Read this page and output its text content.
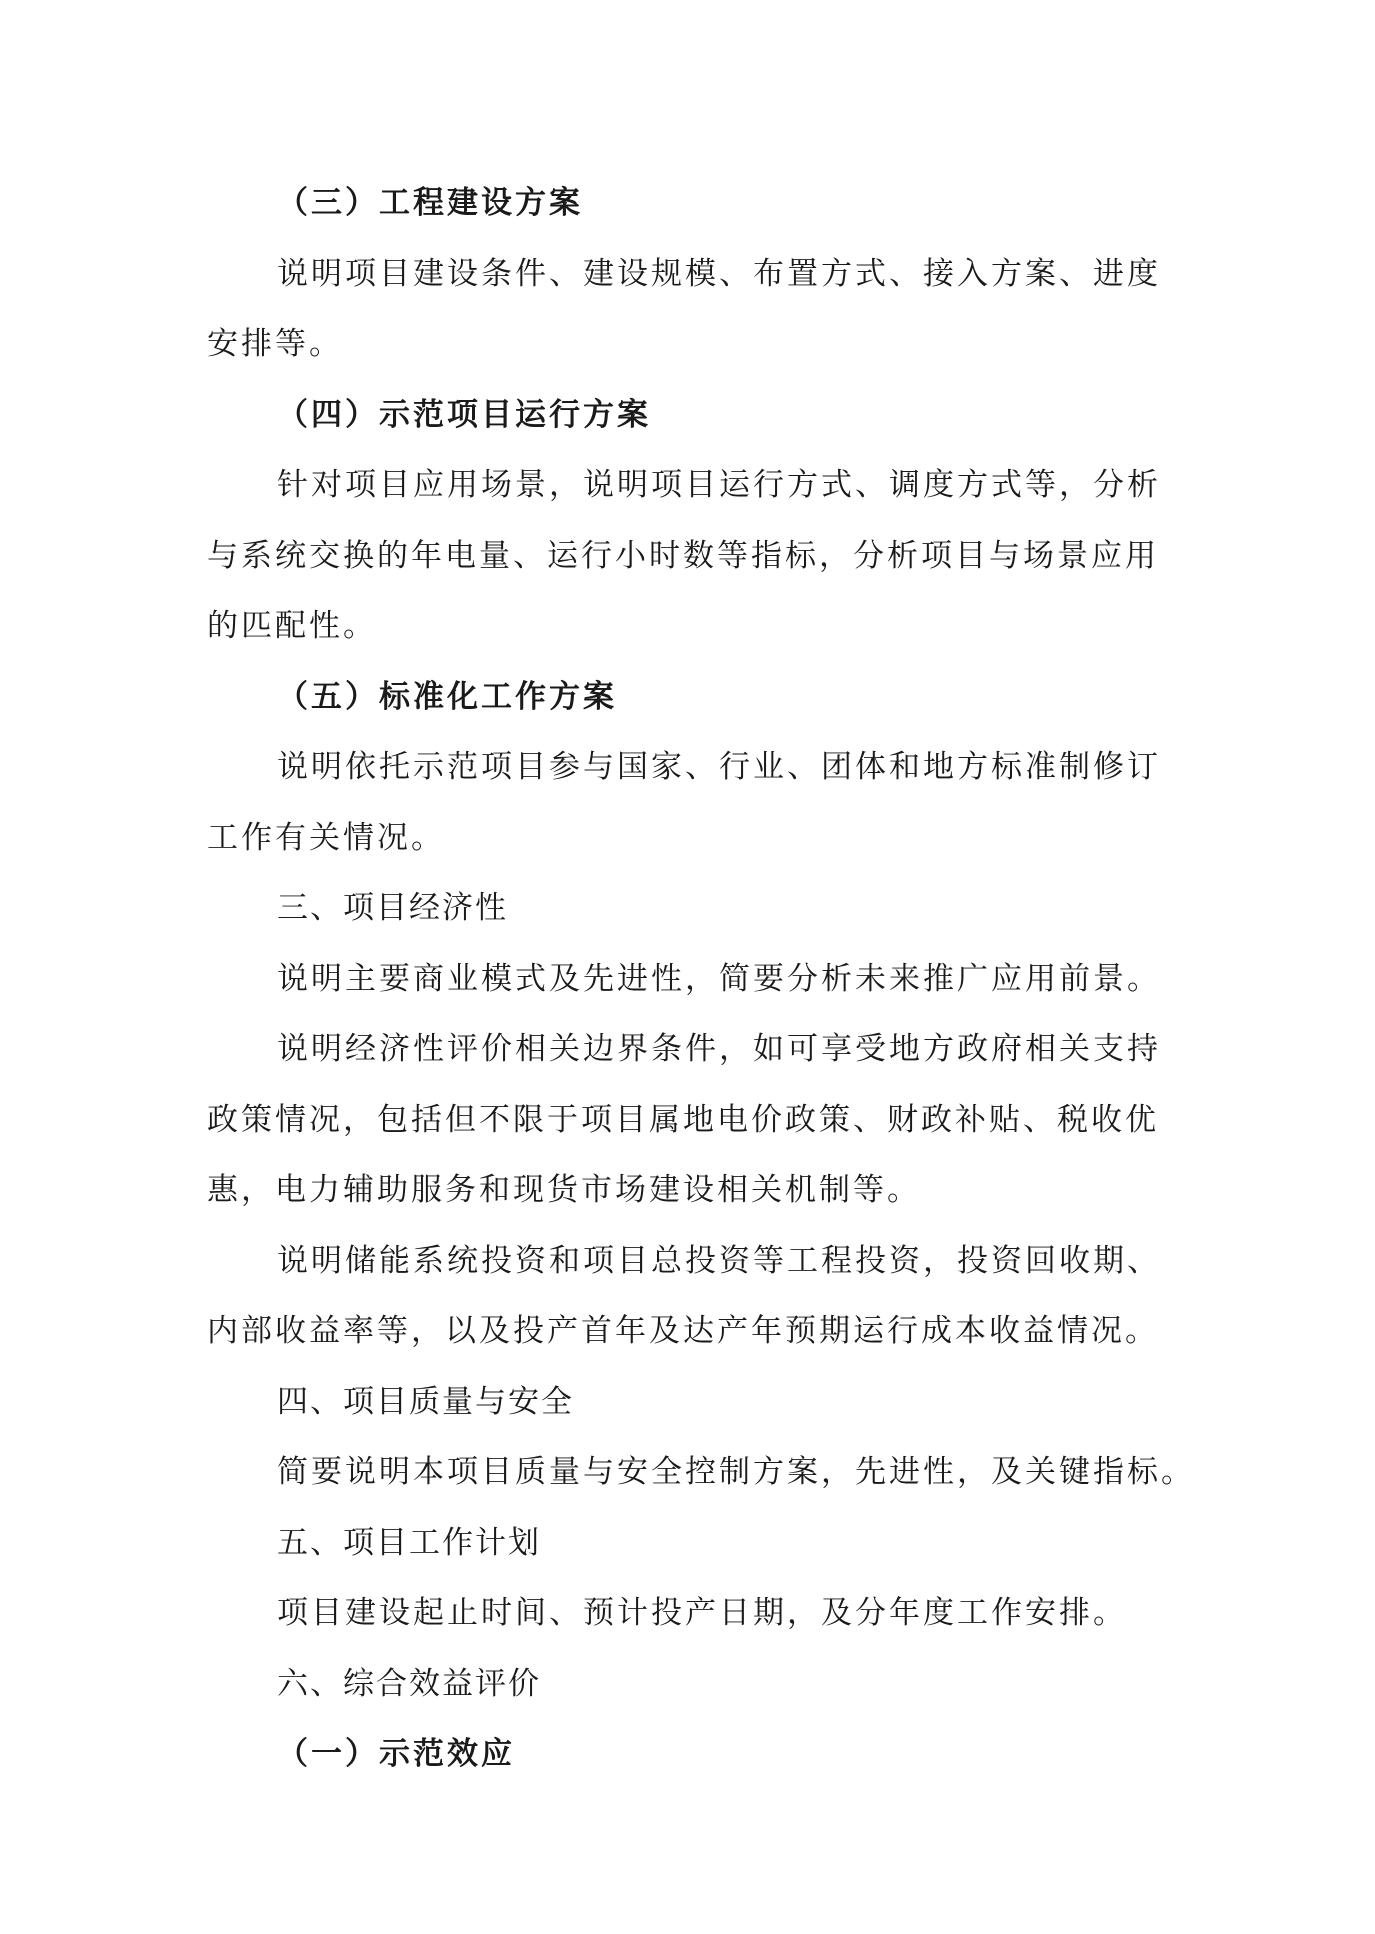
（三）工程建设方案
说明项目建设条件、建设规模、布置方式、接入方案、进度
安排等。
（四）示范项目运行方案
针对项目应用场景，说明项目运行方式、调度方式等，分析
与系统交换的年电量、运行小时数等指标，分析项目与场景应用
的匹配性。
（五）标准化工作方案
说明依托示范项目参与国家、行业、团体和地方标准制修订
工作有关情况。
三、项目经济性
说明主要商业模式及先进性，简要分析未来推广应用前景。
说明经济性评价相关边界条件，如可享受地方政府相关支持
政策情况，包括但不限于项目属地电价政策、财政补贴、税收优
惠，电力辅助服务和现货市场建设相关机制等。
说明储能系统投资和项目总投资等工程投资，投资回收期、
内部收益率等，以及投产首年及达产年预期运行成本收益情况。
四、项目质量与安全
简要说明本项目质量与安全控制方案，先进性，及关键指标。
五、项目工作计划
项目建设起止时间、预计投产日期，及分年度工作安排。
六、综合效益评价
（一）示范效应
